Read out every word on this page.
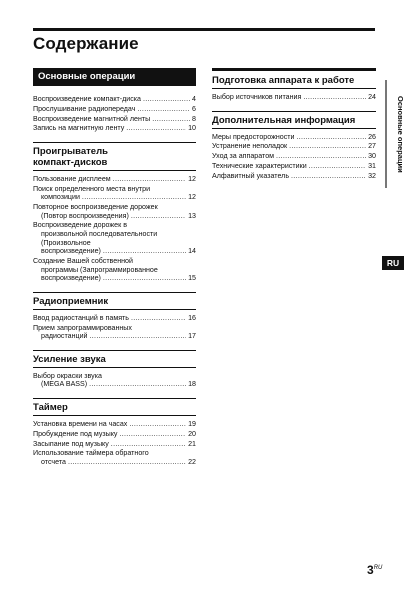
Содержание
Основные операции
Воспроизведение компакт-диска .....	4
Прослушивание радиопередач .....	6
Воспроизведение магнитной ленты .....	8
Запись на магнитную ленту .....	10
Проигрыватель
компакт-дисков
Пользование дисплеем .....	12
Поиск определенного места внутри
композиции .....	12
Повторное воспроизведение дорожек
(Повтор воспроизведения) .....	13
Воспроизведение дорожек в
произвольной последовательности
(Произвольное
воспроизведение) .....	14
Создание Вашей собственной
программы (Запрограммированное
воспроизведение) .....	15
Радиоприемник
Ввод радиостанций в память .....	16
Прием запрограммированных
радиостанций .....	17
Усиление звука
Выбор окраски звука
(MEGA BASS) .....	18
Таймер
Установка времени на часах .....	19
Пробуждение под музыку .....	20
Засыпание под музыку .....	21
Использование таймера обратного
отсчета .....	22
Подготовка аппарата к работе
Выбор источников питания .....	24
Дополнительная информация
Меры предосторожности .....	26
Устранение неполадок .....	27
Уход за аппаратом .....	30
Технические характеристики .....	31
Алфавитный указатель .....	32
Основные операции
RU
$3^{RU}$
